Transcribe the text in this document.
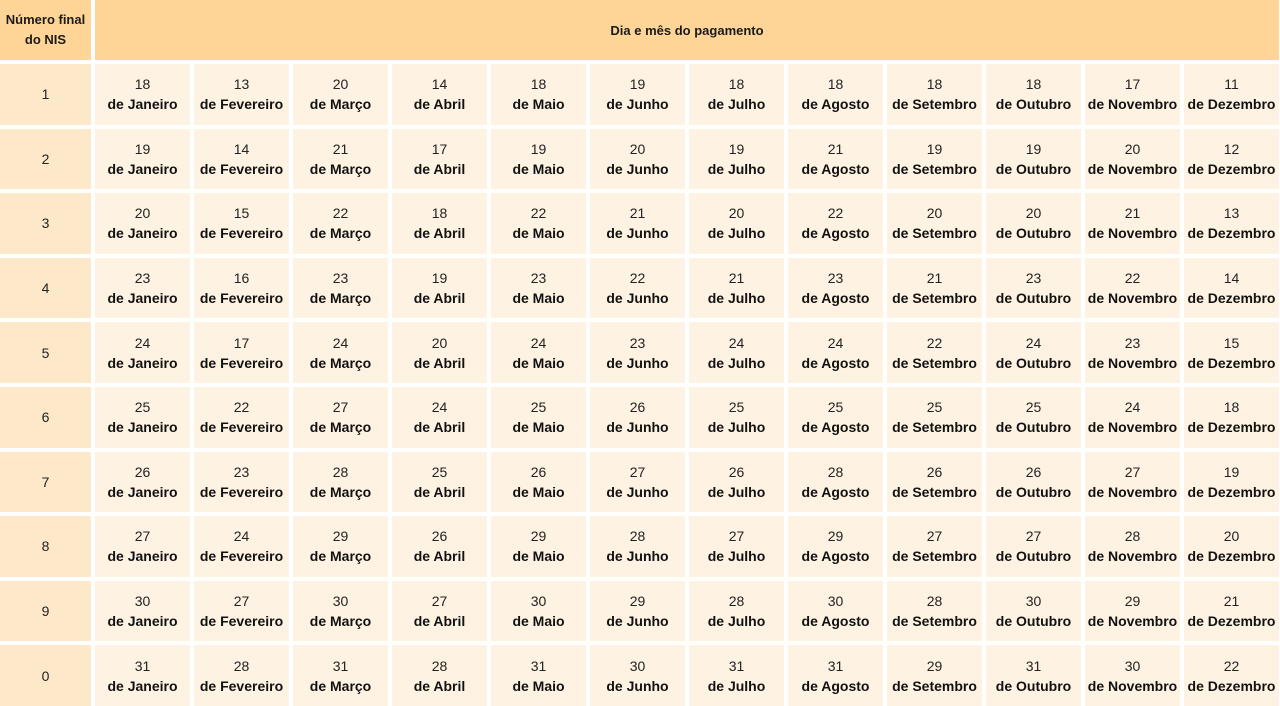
Número final
do NIS
Dia e mês do pagamento
1
18
de Janeiro
13
de Fevereiro
20
de Março
14
de Abril
18
de Maio
19
de Junho
18
de Julho
18
de Agosto
18
de Setembro
18
de Outubro
17
de Novembro
11
de Dezembro
2
19
de Janeiro
14
de Fevereiro
21
de Março
17
de Abril
19
de Maio
20
de Junho
19
de Julho
21
de Agosto
19
de Setembro
19
de Outubro
20
de Novembro
12
de Dezembro
3
20
de Janeiro
15
de Fevereiro
22
de Março
18
de Abril
22
de Maio
21
de Junho
20
de Julho
22
de Agosto
20
de Setembro
20
de Outubro
21
de Novembro
13
de Dezembro
4
23
de Janeiro
16
de Fevereiro
23
de Março
19
de Abril
23
de Maio
22
de Junho
21
de Julho
23
de Agosto
21
de Setembro
23
de Outubro
22
de Novembro
14
de Dezembro
5
24
de Janeiro
17
de Fevereiro
24
de Março
20
de Abril
24
de Maio
23
de Junho
24
de Julho
24
de Agosto
22
de Setembro
24
de Outubro
23
de Novembro
15
de Dezembro
6
25
de Janeiro
22
de Fevereiro
27
de Março
24
de Abril
25
de Maio
26
de Junho
25
de Julho
25
de Agosto
25
de Setembro
25
de Outubro
24
de Novembro
18
de Dezembro
7
26
de Janeiro
23
de Fevereiro
28
de Março
25
de Abril
26
de Maio
27
de Junho
26
de Julho
28
de Agosto
26
de Setembro
26
de Outubro
27
de Novembro
19
de Dezembro
8
27
de Janeiro
24
de Fevereiro
29
de Março
26
de Abril
29
de Maio
28
de Junho
27
de Julho
29
de Agosto
27
de Setembro
27
de Outubro
28
de Novembro
20
de Dezembro
9
30
de Janeiro
27
de Fevereiro
30
de Março
27
de Abril
30
de Maio
29
de Junho
28
de Julho
30
de Agosto
28
de Setembro
30
de Outubro
29
de Novembro
21
de Dezembro
0
31
de Janeiro
28
de Fevereiro
31
de Março
28
de Abril
31
de Maio
30
de Junho
31
de Julho
31
de Agosto
29
de Setembro
31
de Outubro
30
de Novembro
22
de Dezembro
